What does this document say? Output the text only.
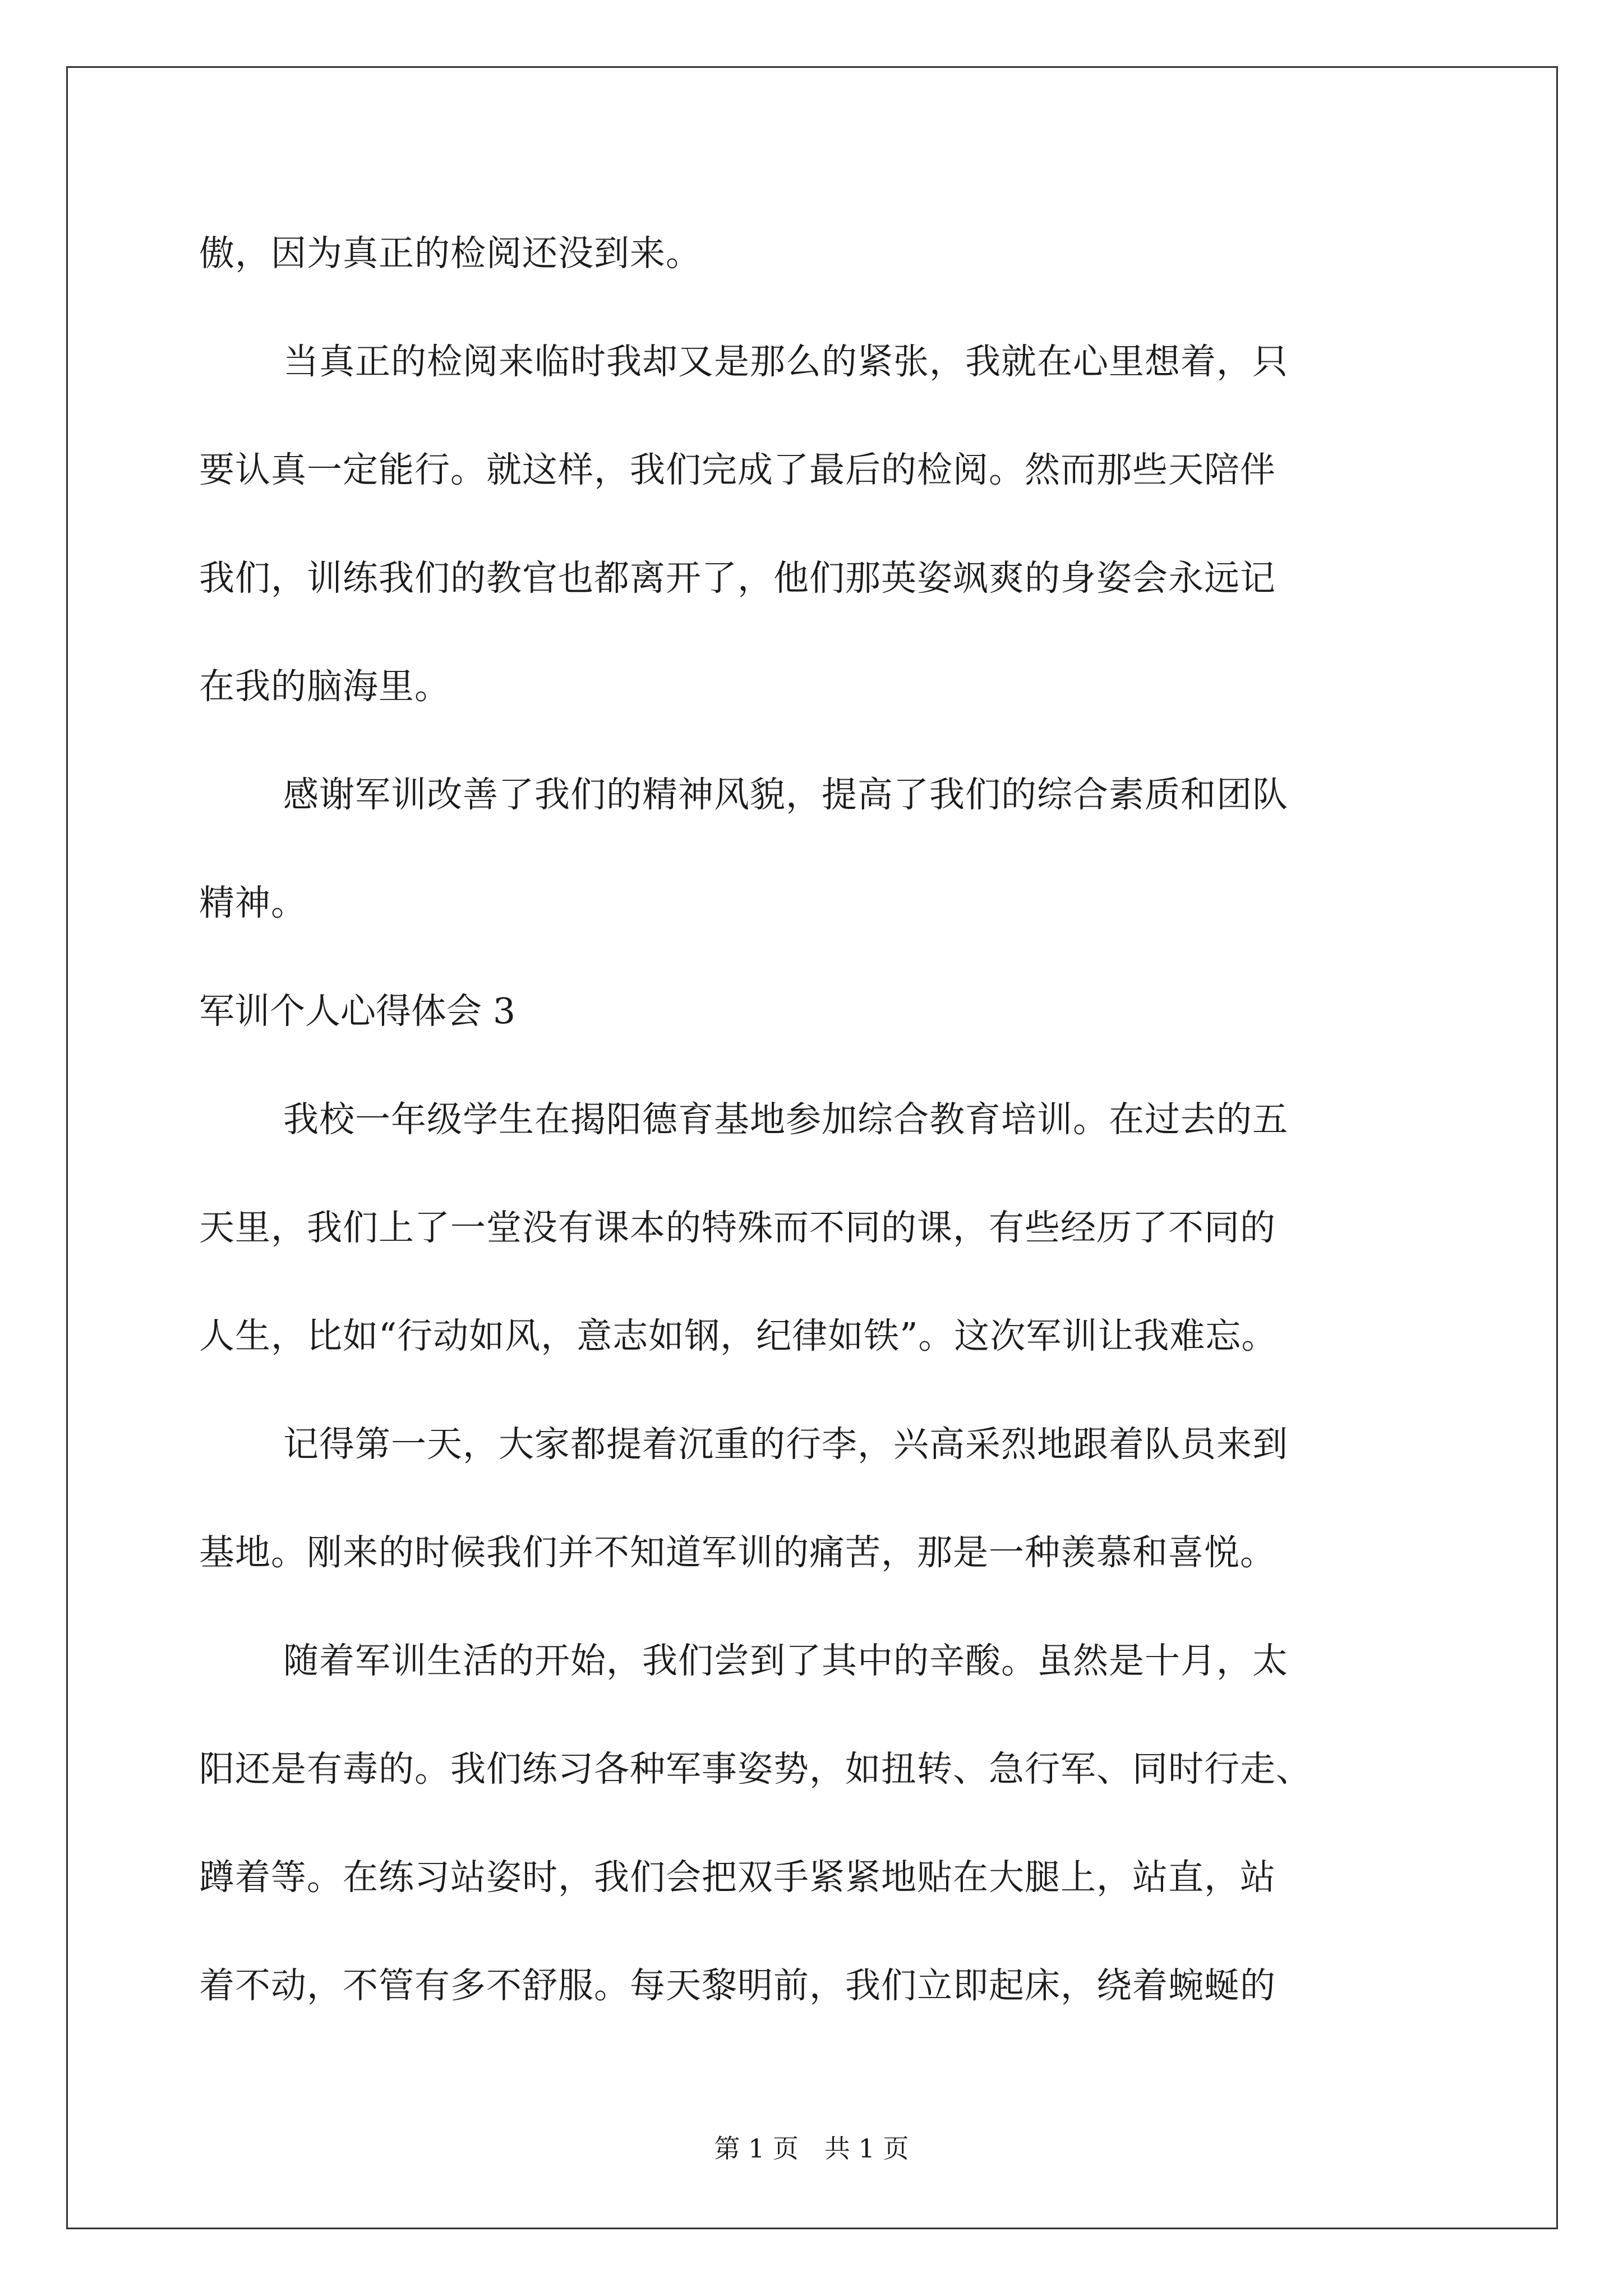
傲，因为真正的检阅还没到来。
当真正的检阅来临时我却又是那么的紧张，我就在心里想着，只
要认真一定能行。就这样，我们完成了最后的检阅。然而那些天陪伴
我们，训练我们的教官也都离开了，他们那英姿飒爽的身姿会永远记
在我的脑海里。
感谢军训改善了我们的精神风貌，提高了我们的综合素质和团队
精神。
军训个人心得体会 3
我校一年级学生在揭阳德育基地参加综合教育培训。在过去的五
天里，我们上了一堂没有课本的特殊而不同的课，有些经历了不同的
人生，比如“行动如风，意志如钢，纪律如铁”。这次军训让我难忘。
记得第一天，大家都提着沉重的行李，兴高采烈地跟着队员来到
基地。刚来的时候我们并不知道军训的痛苦，那是一种羡慕和喜悦。
随着军训生活的开始，我们尝到了其中的辛酸。虽然是十月，太
阳还是有毒的。我们练习各种军事姿势，如扭转、急行军、同时行走、
蹲着等。在练习站姿时，我们会把双手紧紧地贴在大腿上，站直，站
着不动，不管有多不舒服。每天黎明前，我们立即起床，绕着蜿蜒的
第 1 页　共 1 页
